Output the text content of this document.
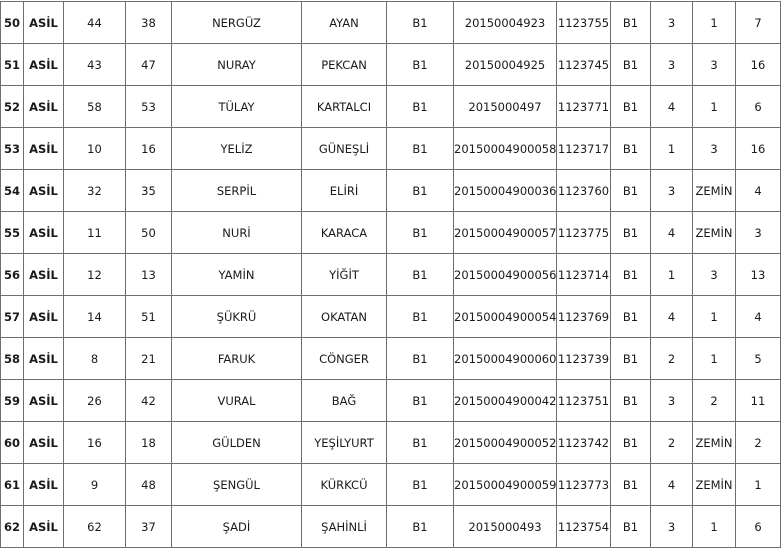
50	ASİL	44	38	NERGÜZ	AYAN	B1	20150004923	1123755	B1	3	1	7
51	ASİL	43	47	NURAY	PEKCAN	B1	20150004925	1123745	B1	3	3	16
52	ASİL	58	53	TÜLAY	KARTALCI	B1	2015000497	1123771	B1	4	1	6
53	ASİL	10	16	YELİZ	GÜNEŞLİ	B1	20150004900058	1123717	B1	1	3	16
54	ASİL	32	35	SERPİL	ELİRİ	B1	20150004900036	1123760	B1	3	ZEMİN	4
55	ASİL	11	50	NURİ	KARACA	B1	20150004900057	1123775	B1	4	ZEMİN	3
56	ASİL	12	13	YAMİN	YİĞİT	B1	20150004900056	1123714	B1	1	3	13
57	ASİL	14	51	ŞÜKRÜ	OKATAN	B1	20150004900054	1123769	B1	4	1	4
58	ASİL	8	21	FARUK	CÖNGER	B1	20150004900060	1123739	B1	2	1	5
59	ASİL	26	42	VURAL	BAĞ	B1	20150004900042	1123751	B1	3	2	11
60	ASİL	16	18	GÜLDEN	YEŞİLYURT	B1	20150004900052	1123742	B1	2	ZEMİN	2
61	ASİL	9	48	ŞENGÜL	KÜRKCÜ	B1	20150004900059	1123773	B1	4	ZEMİN	1
62	ASİL	62	37	ŞADİ	ŞAHİNLİ	B1	2015000493	1123754	B1	3	1	6
